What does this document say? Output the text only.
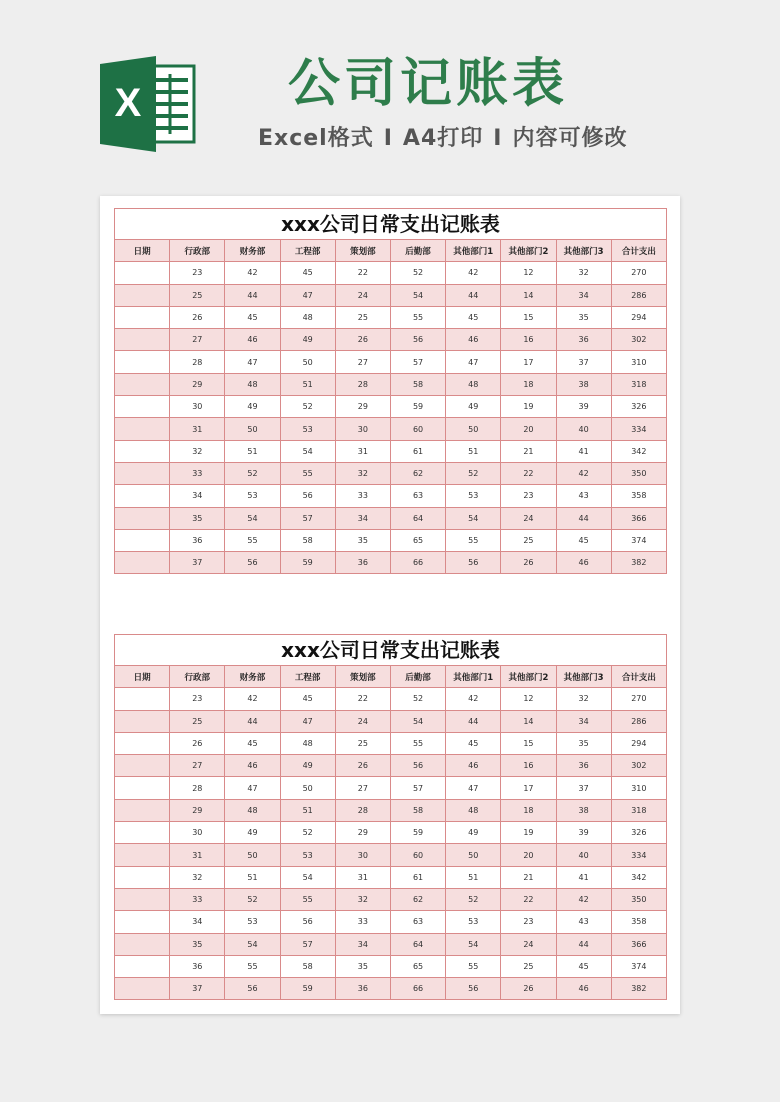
X	公司记账表
Excel格式 I A4打印 I 内容可修改
xxx公司日常支出记账表
日期	行政部	财务部	工程部	策划部	后勤部	其他部门1	其他部门2	其他部门3	合计支出
	23	42	45	22	52	42	12	32	270
	25	44	47	24	54	44	14	34	286
	26	45	48	25	55	45	15	35	294
	27	46	49	26	56	46	16	36	302
	28	47	50	27	57	47	17	37	310
	29	48	51	28	58	48	18	38	318
	30	49	52	29	59	49	19	39	326
	31	50	53	30	60	50	20	40	334
	32	51	54	31	61	51	21	41	342
	33	52	55	32	62	52	22	42	350
	34	53	56	33	63	53	23	43	358
	35	54	57	34	64	54	24	44	366
	36	55	58	35	65	55	25	45	374
	37	56	59	36	66	56	26	46	382
xxx公司日常支出记账表
日期	行政部	财务部	工程部	策划部	后勤部	其他部门1	其他部门2	其他部门3	合计支出
	23	42	45	22	52	42	12	32	270
	25	44	47	24	54	44	14	34	286
	26	45	48	25	55	45	15	35	294
	27	46	49	26	56	46	16	36	302
	28	47	50	27	57	47	17	37	310
	29	48	51	28	58	48	18	38	318
	30	49	52	29	59	49	19	39	326
	31	50	53	30	60	50	20	40	334
	32	51	54	31	61	51	21	41	342
	33	52	55	32	62	52	22	42	350
	34	53	56	33	63	53	23	43	358
	35	54	57	34	64	54	24	44	366
	36	55	58	35	65	55	25	45	374
	37	56	59	36	66	56	26	46	382
